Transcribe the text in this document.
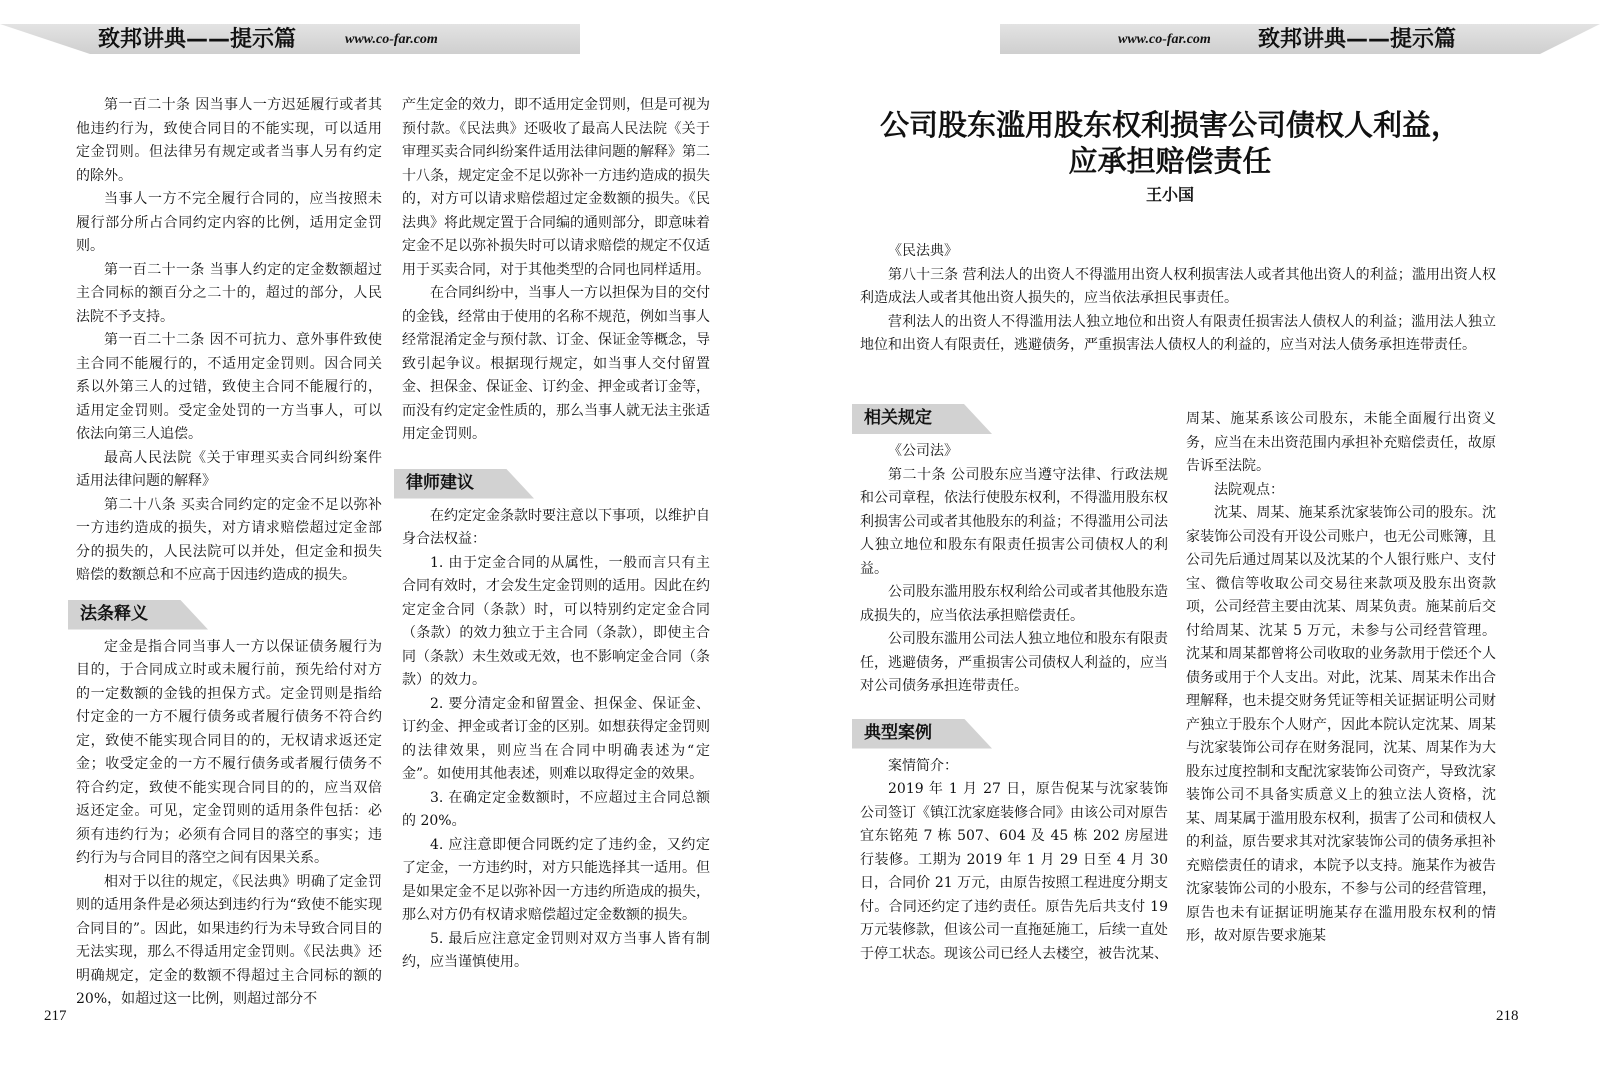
致邦讲典——提示篇	www.co-far.com	www.co-far.com 致邦讲典——提示篇

第一百二十条 因当事人一方迟延履行或者其他违约行为，致使合同目的不能实现，可以适用定金罚则。但法律另有规定或者当事人另有约定的除外。

当事人一方不完全履行合同的，应当按照未履行部分所占合同约定内容的比例，适用定金罚则。

第一百二十一条 当事人约定的定金数额超过主合同标的额百分之二十的，超过的部分，人民法院不予支持。

第一百二十二条 因不可抗力、意外事件致使主合同不能履行的，不适用定金罚则。因合同关系以外第三人的过错，致使主合同不能履行的，适用定金罚则。受定金处罚的一方当事人，可以依法向第三人追偿。

最高人民法院《关于审理买卖合同纠纷案件适用法律问题的解释》

第二十八条 买卖合同约定的定金不足以弥补一方违约造成的损失，对方请求赔偿超过定金部分的损失的，人民法院可以并处，但定金和损失赔偿的数额总和不应高于因违约造成的损失。

法条释义

定金是指合同当事人一方以保证债务履行为目的，于合同成立时或未履行前，预先给付对方的一定数额的金钱的担保方式。定金罚则是指给付定金的一方不履行债务或者履行债务不符合约定，致使不能实现合同目的的，无权请求返还定金；收受定金的一方不履行债务或者履行债务不符合约定，致使不能实现合同目的的，应当双倍返还定金。可见，定金罚则的适用条件包括：必须有违约行为；必须有合同目的落空的事实；违约行为与合同目的落空之间有因果关系。

相对于以往的规定，《民法典》明确了定金罚则的适用条件是必须达到违约行为“致使不能实现合同目的”。因此，如果违约行为未导致合同目的无法实现，那么不得适用定金罚则。《民法典》还明确规定，定金的数额不得超过主合同标的额的20%，如超过这一比例，则超过部分不

产生定金的效力，即不适用定金罚则，但是可视为预付款。《民法典》还吸收了最高人民法院《关于审理买卖合同纠纷案件适用法律问题的解释》第二十八条，规定定金不足以弥补一方违约造成的损失的，对方可以请求赔偿超过定金数额的损失。《民法典》将此规定置于合同编的通则部分，即意味着定金不足以弥补损失时可以请求赔偿的规定不仅适用于买卖合同，对于其他类型的合同也同样适用。

在合同纠纷中，当事人一方以担保为目的交付的金钱，经常由于使用的名称不规范，例如当事人经常混淆定金与预付款、订金、保证金等概念，导致引起争议。根据现行规定，如当事人交付留置金、担保金、保证金、订约金、押金或者订金等，而没有约定定金性质的，那么当事人就无法主张适用定金罚则。

律师建议

在约定定金条款时要注意以下事项，以维护自身合法权益：

1. 由于定金合同的从属性，一般而言只有主合同有效时，才会发生定金罚则的适用。因此在约定定金合同（条款）时，可以特别约定定金合同（条款）的效力独立于主合同（条款），即使主合同（条款）未生效或无效，也不影响定金合同（条款）的效力。

2. 要分清定金和留置金、担保金、保证金、订约金、押金或者订金的区别。如想获得定金罚则的法律效果，则应当在合同中明确表述为“定金”。如使用其他表述，则难以取得定金的效果。

3. 在确定定金数额时，不应超过主合同总额的 20%。

4. 应注意即便合同既约定了违约金，又约定了定金，一方违约时，对方只能选择其一适用。但是如果定金不足以弥补因一方违约所造成的损失，那么对方仍有权请求赔偿超过定金数额的损失。

5. 最后应注意定金罚则对双方当事人皆有制约，应当谨慎使用。

217
公司股东滥用股东权利损害公司债权人利益，
应承担赔偿责任
王小国

《民法典》

第八十三条 营利法人的出资人不得滥用出资人权利损害法人或者其他出资人的利益；滥用出资人权利造成法人或者其他出资人损失的，应当依法承担民事责任。

营利法人的出资人不得滥用法人独立地位和出资人有限责任损害法人债权人的利益；滥用法人独立地位和出资人有限责任，逃避债务，严重损害法人债权人的利益的，应当对法人债务承担连带责任。

相关规定

《公司法》

第二十条 公司股东应当遵守法律、行政法规和公司章程，依法行使股东权利，不得滥用股东权利损害公司或者其他股东的利益；不得滥用公司法人独立地位和股东有限责任损害公司债权人的利益。

公司股东滥用股东权利给公司或者其他股东造成损失的，应当依法承担赔偿责任。

公司股东滥用公司法人独立地位和股东有限责任，逃避债务，严重损害公司债权人利益的，应当对公司债务承担连带责任。

典型案例

案情简介：

2019 年 1 月 27 日，原告倪某与沈家装饰公司签订《镇江沈家庭装修合同》由该公司对原告宜东铭苑 7 栋 507、604 及 45 栋 202 房屋进行装修。工期为 2019 年 1 月 29 日至 4 月 30 日，合同价 21 万元，由原告按照工程进度分期支付。合同还约定了违约责任。原告先后共支付 19 万元装修款，但该公司一直拖延施工，后续一直处于停工状态。现该公司已经人去楼空，被告沈某、

周某、施某系该公司股东，未能全面履行出资义务，应当在未出资范围内承担补充赔偿责任，故原告诉至法院。

法院观点：

沈某、周某、施某系沈家装饰公司的股东。沈家装饰公司没有开设公司账户，也无公司账簿，且公司先后通过周某以及沈某的个人银行账户、支付宝、微信等收取公司交易往来款项及股东出资款项，公司经营主要由沈某、周某负责。施某前后交付给周某、沈某 5 万元，未参与公司经营管理。沈某和周某都曾将公司收取的业务款用于偿还个人债务或用于个人支出。对此，沈某、周某未作出合理解释，也未提交财务凭证等相关证据证明公司财产独立于股东个人财产，因此本院认定沈某、周某与沈家装饰公司存在财务混同，沈某、周某作为大股东过度控制和支配沈家装饰公司资产，导致沈家装饰公司不具备实质意义上的独立法人资格，沈某、周某属于滥用股东权利，损害了公司和债权人的利益，原告要求其对沈家装饰公司的债务承担补充赔偿责任的请求，本院予以支持。施某作为被告沈家装饰公司的小股东，不参与公司的经营管理，原告也未有证据证明施某存在滥用股东权利的情形，故对原告要求施某

218
